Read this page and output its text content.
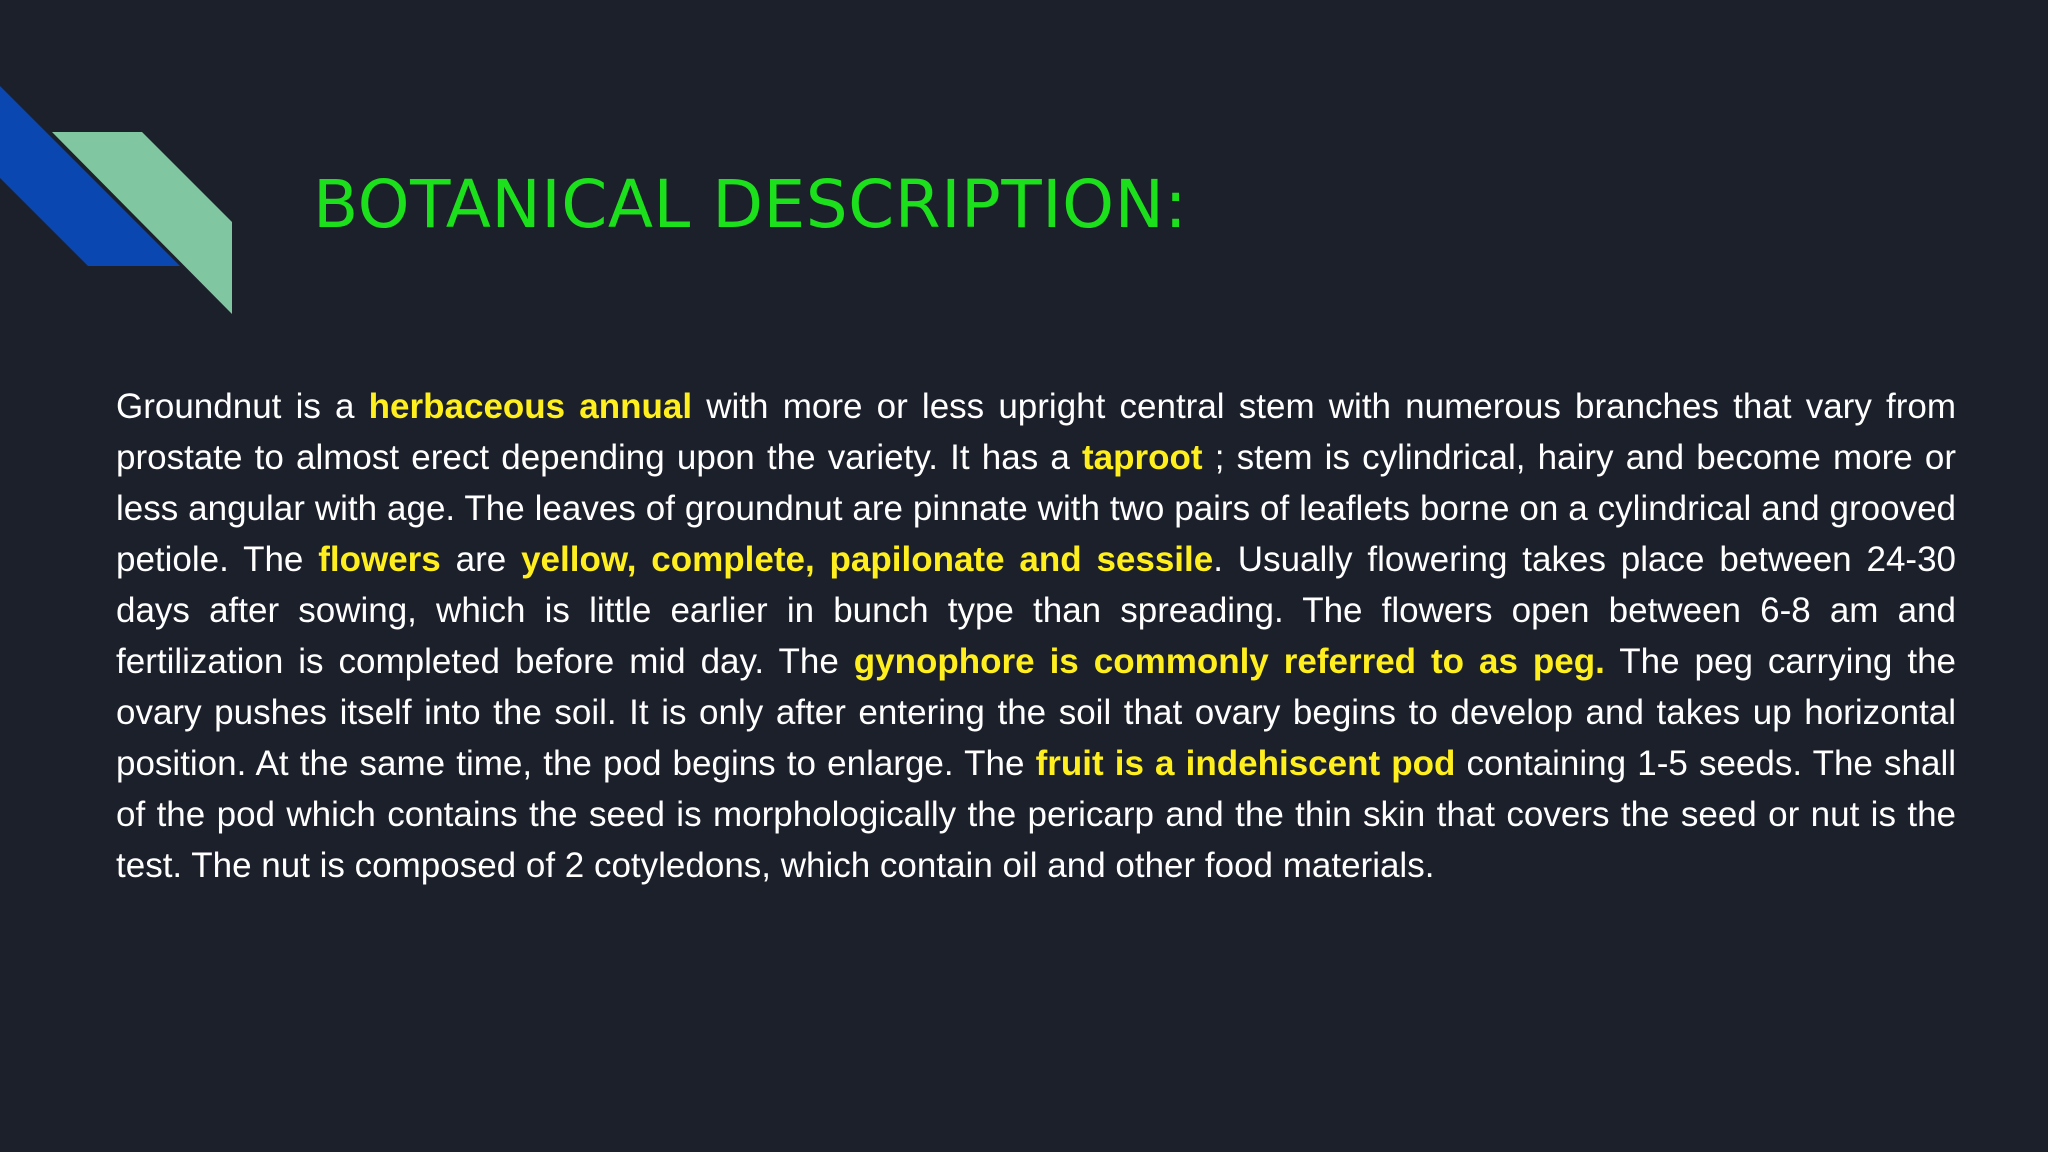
BOTANICAL DESCRIPTION:
Groundnut is a herbaceous annual with more or less upright central stem with numerous branches that vary from prostate to almost erect depending upon the variety. It has a taproot ; stem is cylindrical, hairy and become more or less angular with age. The leaves of groundnut are pinnate with two pairs of leaflets borne on a cylindrical and grooved petiole. The flowers are yellow, complete, papilonate and sessile. Usually flowering takes place between 24-30 days after sowing, which is little earlier in bunch type than spreading. The flowers open between 6-8 am and fertilization is completed before mid day. The gynophore is commonly referred to as peg. The peg carrying the ovary pushes itself into the soil. It is only after entering the soil that ovary begins to develop and takes up horizontal position. At the same time, the pod begins to enlarge. The fruit is a indehiscent pod containing 1-5 seeds. The shall of the pod which contains the seed is morphologically the pericarp and the thin skin that covers the seed or nut is the test. The nut is composed of 2 cotyledons, which contain oil and other food materials.
